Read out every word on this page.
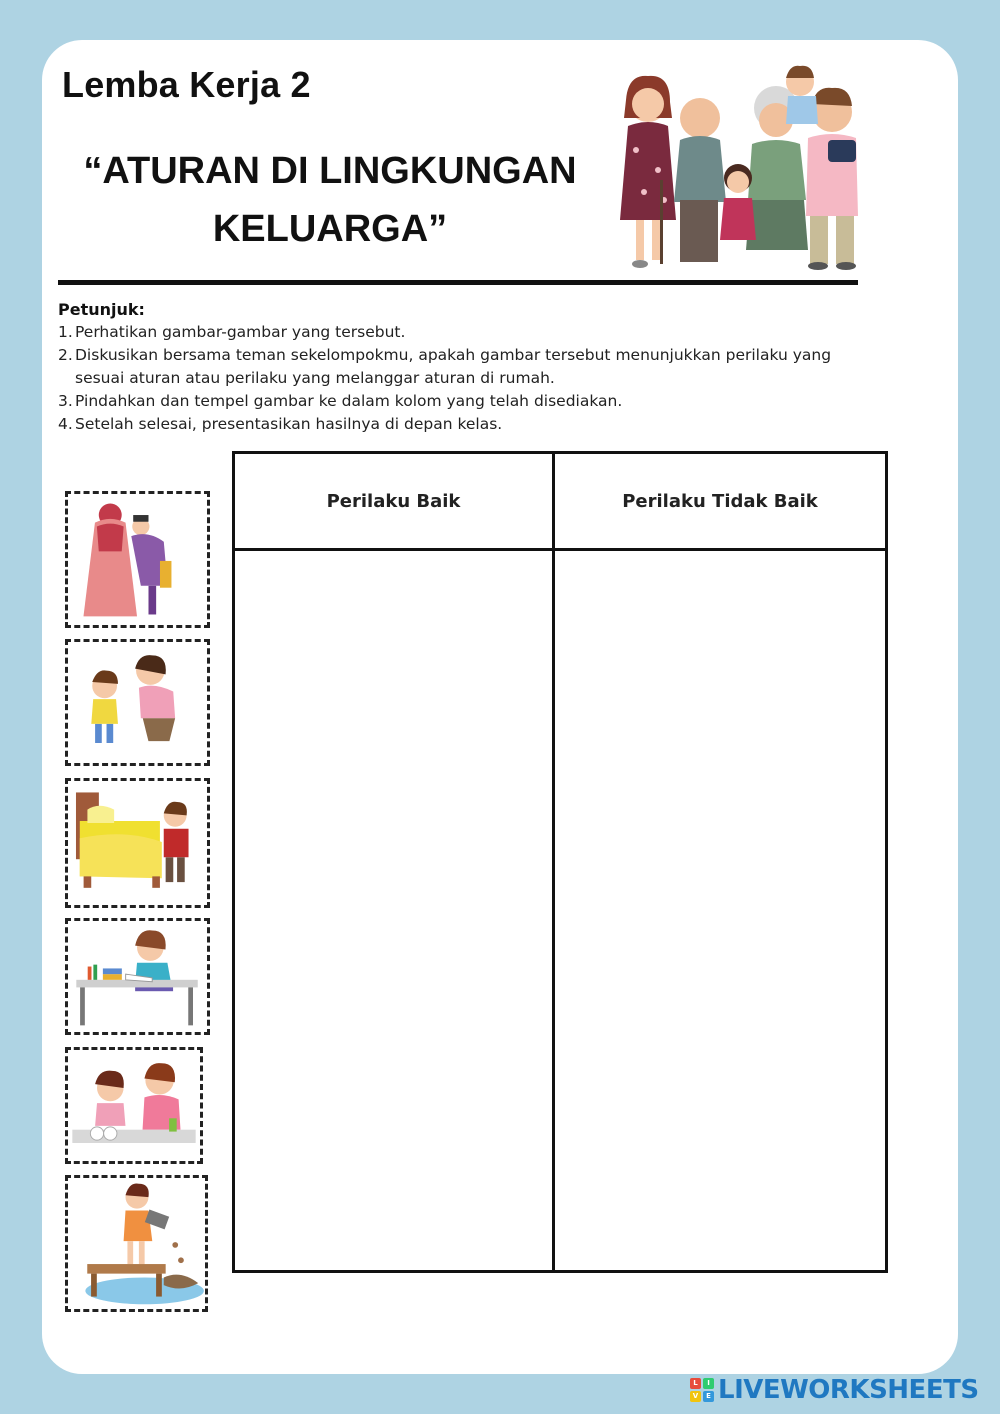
Lemba Kerja 2
“ATURAN DI LINGKUNGAN
KELUARGA”
Petunjuk:
1. Perhatikan gambar-gambar yang tersebut.
2. Diskusikan bersama teman sekelompokmu, apakah gambar tersebut menunjukkan perilaku yang sesuai aturan atau perilaku yang melanggar aturan di rumah.
3. Pindahkan dan tempel gambar ke dalam kolom yang telah disediakan.
4. Setelah selesai, presentasikan hasilnya di depan kelas.
Perilaku Baik	Perilaku Tidak Baik
L	I
V	E LIVEWORKSHEETS
